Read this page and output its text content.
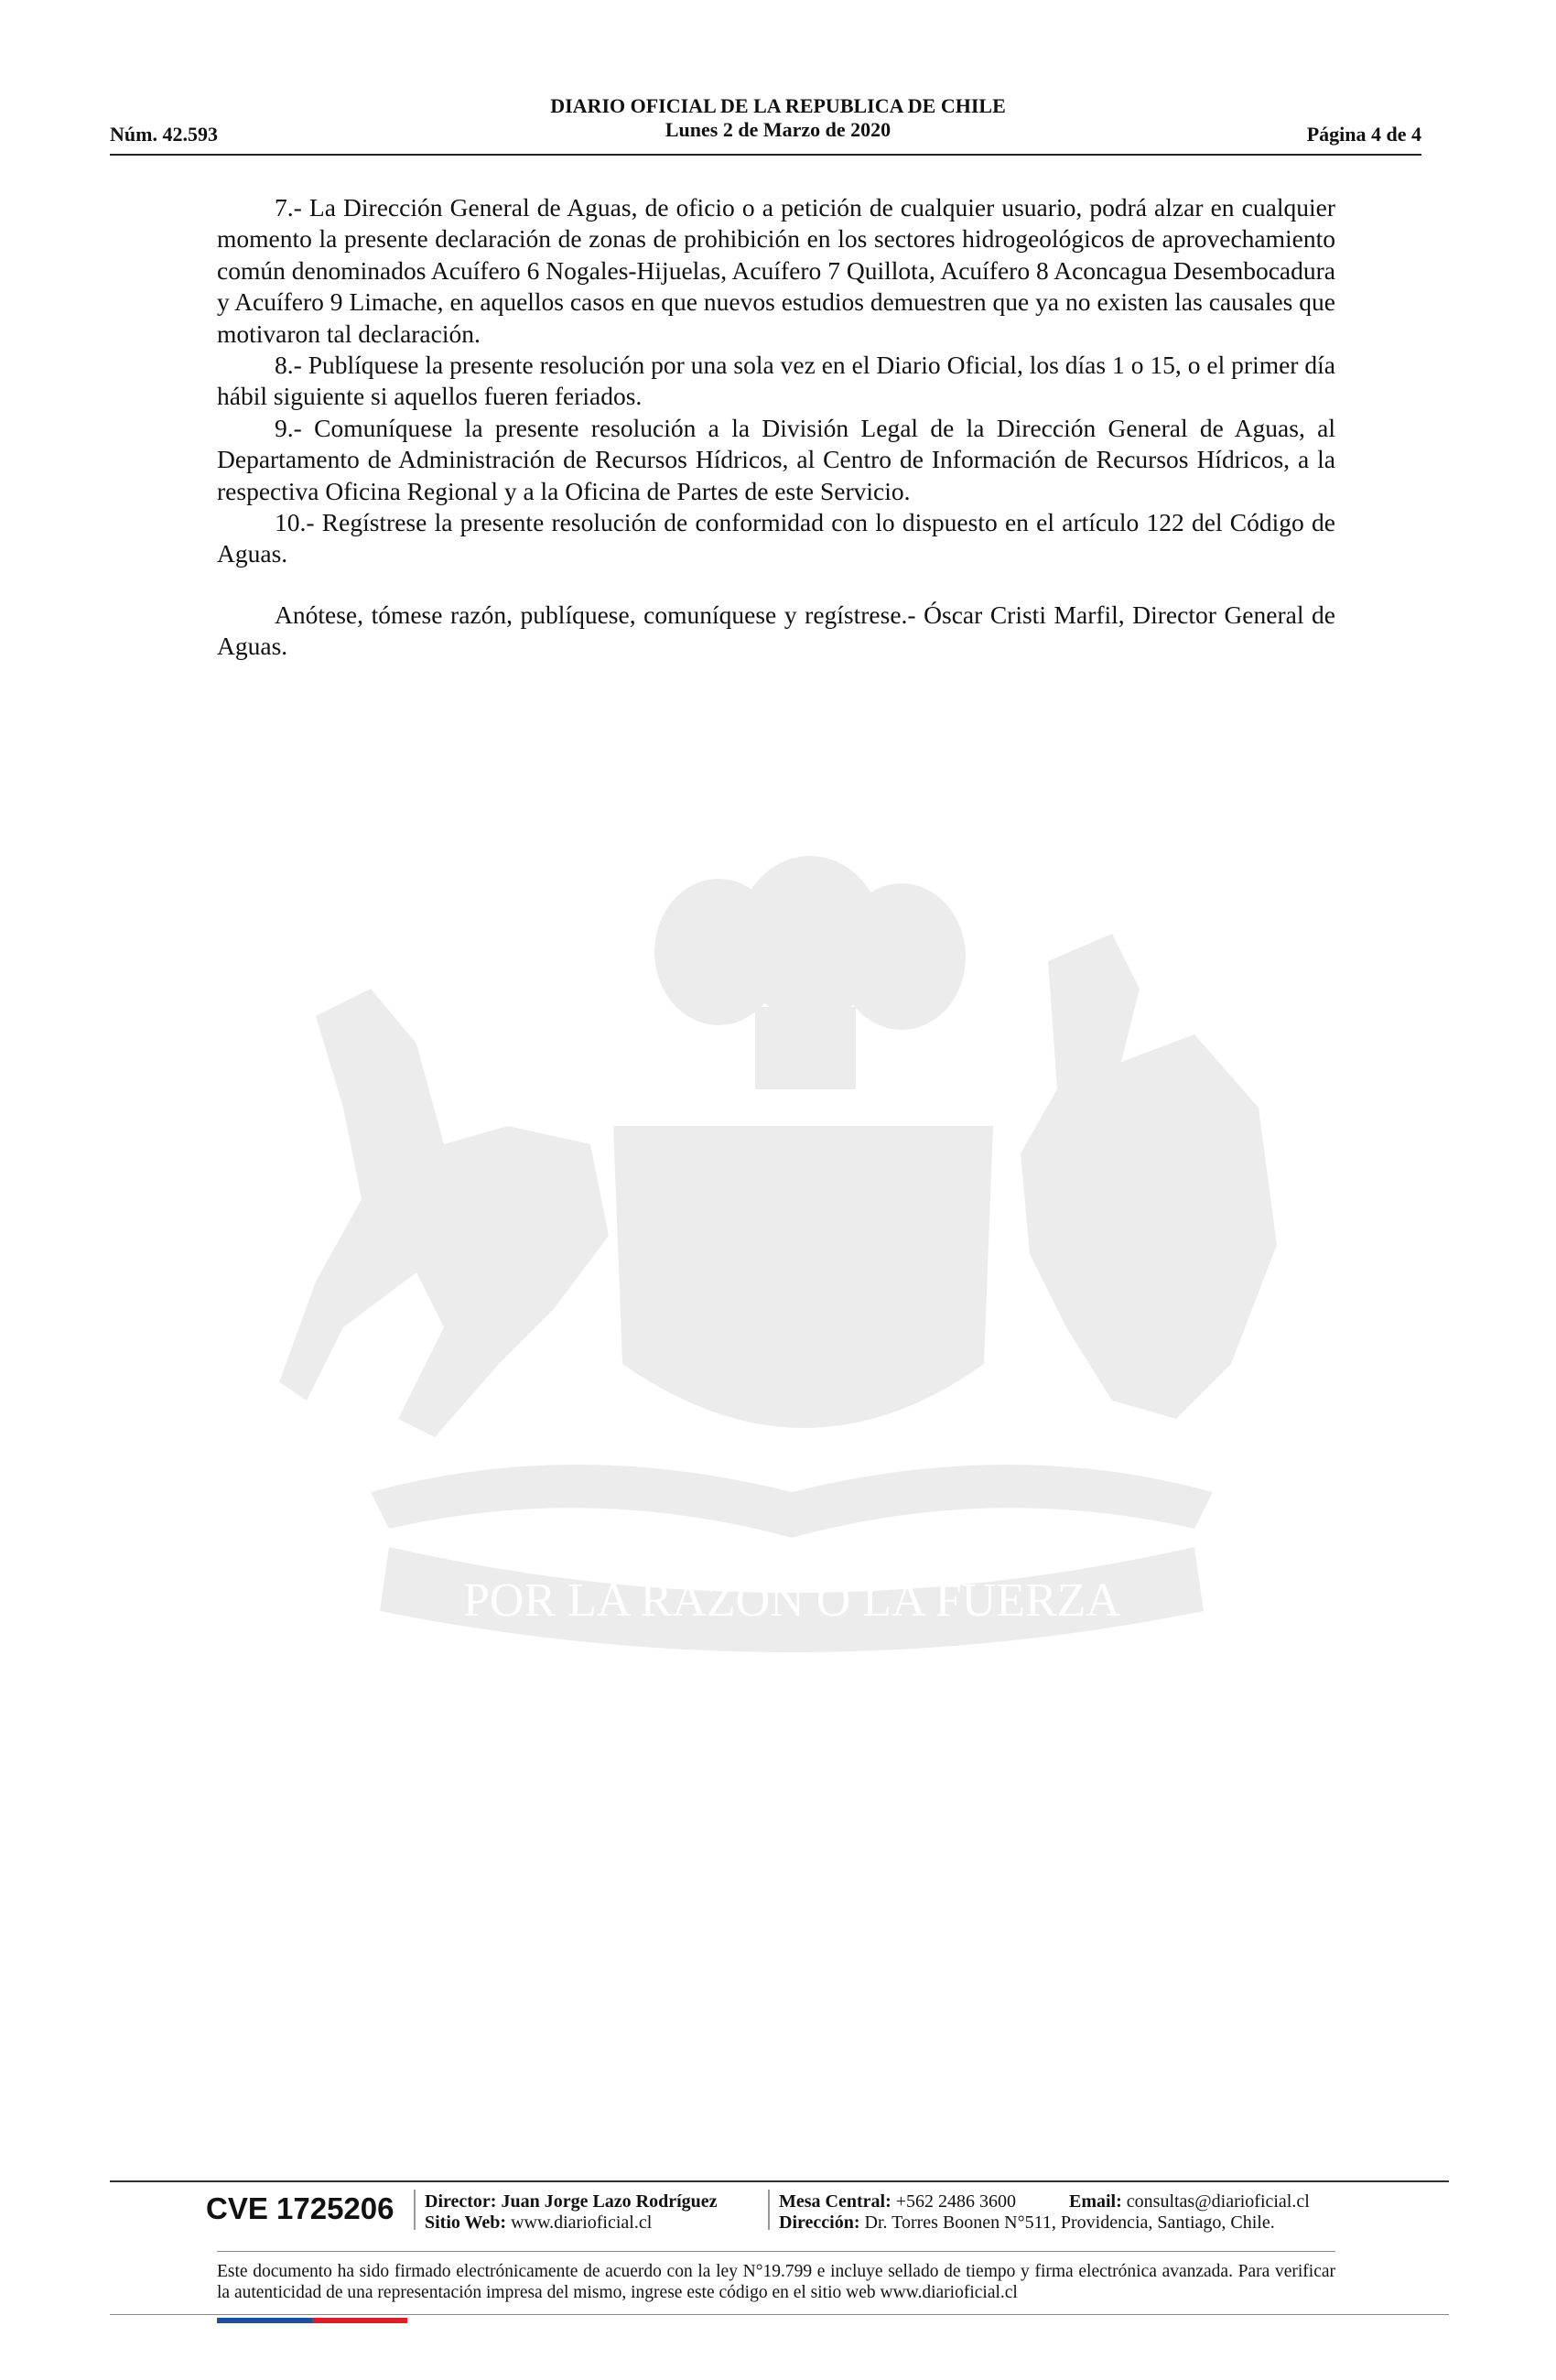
DIARIO OFICIAL DE LA REPUBLICA DE CHILE
Lunes 2 de Marzo de 2020
Núm. 42.593	Página 4 de 4
POR LA RAZON O LA FUERZA

7.- La Dirección General de Aguas, de oficio o a petición de cualquier usuario, podrá alzar en cualquier momento la presente declaración de zonas de prohibición en los sectores hidrogeológicos de aprovechamiento común denominados Acuífero 6 Nogales-Hijuelas, Acuífero 7 Quillota, Acuífero 8 Aconcagua Desembocadura y Acuífero 9 Limache, en aquellos casos en que nuevos estudios demuestren que ya no existen las causales que motivaron tal declaración.

8.- Publíquese la presente resolución por una sola vez en el Diario Oficial, los días 1 o 15, o el primer día hábil siguiente si aquellos fueren feriados.

9.- Comuníquese la presente resolución a la División Legal de la Dirección General de Aguas, al Departamento de Administración de Recursos Hídricos, al Centro de Información de Recursos Hídricos, a la respectiva Oficina Regional y a la Oficina de Partes de este Servicio.

10.- Regístrese la presente resolución de conformidad con lo dispuesto en el artículo 122 del Código de Aguas.

Anótese, tómese razón, publíquese, comuníquese y regístrese.- Óscar Cristi Marfil, Director General de Aguas.

CVE 1725206 Director: Juan Jorge Lazo Rodríguez
Sitio Web: www.diarioficial.cl
Mesa Central: +562 2486 3600
Dirección: Dr. Torres Boonen N°511, Providencia, Santiago, Chile.
Email: consultas@diarioficial.cl
Este documento ha sido firmado electrónicamente de acuerdo con la ley N°19.799 e incluye sellado de tiempo y firma electrónica avanzada. Para verificar la autenticidad de una representación impresa del mismo, ingrese este código en el sitio web www.diarioficial.cl
